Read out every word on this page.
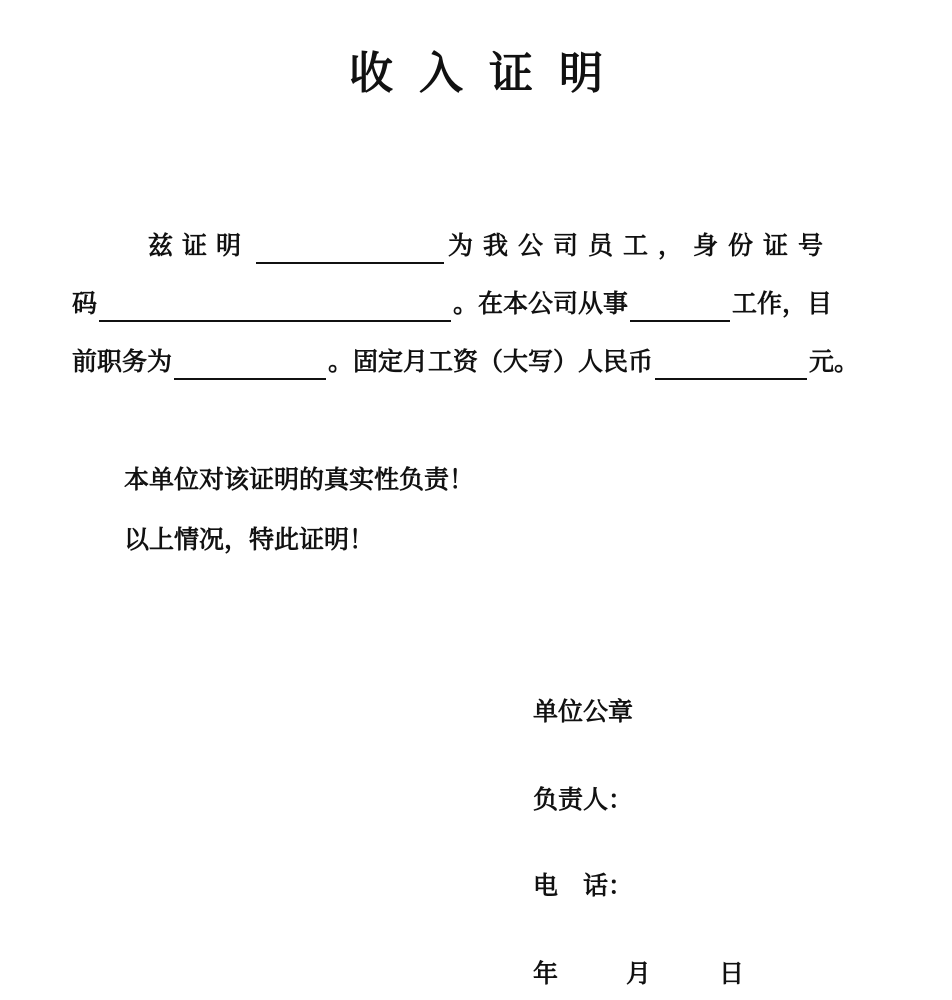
收入证明
兹证明	为我公司员工，身份证号
码	。在本公司从事	工作，目
前职务为	。固定月工资（大写）人民币	元。
本单位对该证明的真实性负责！
以上情况，特此证明！
单位公章
负责人：
电　话：
年　　月　　日
